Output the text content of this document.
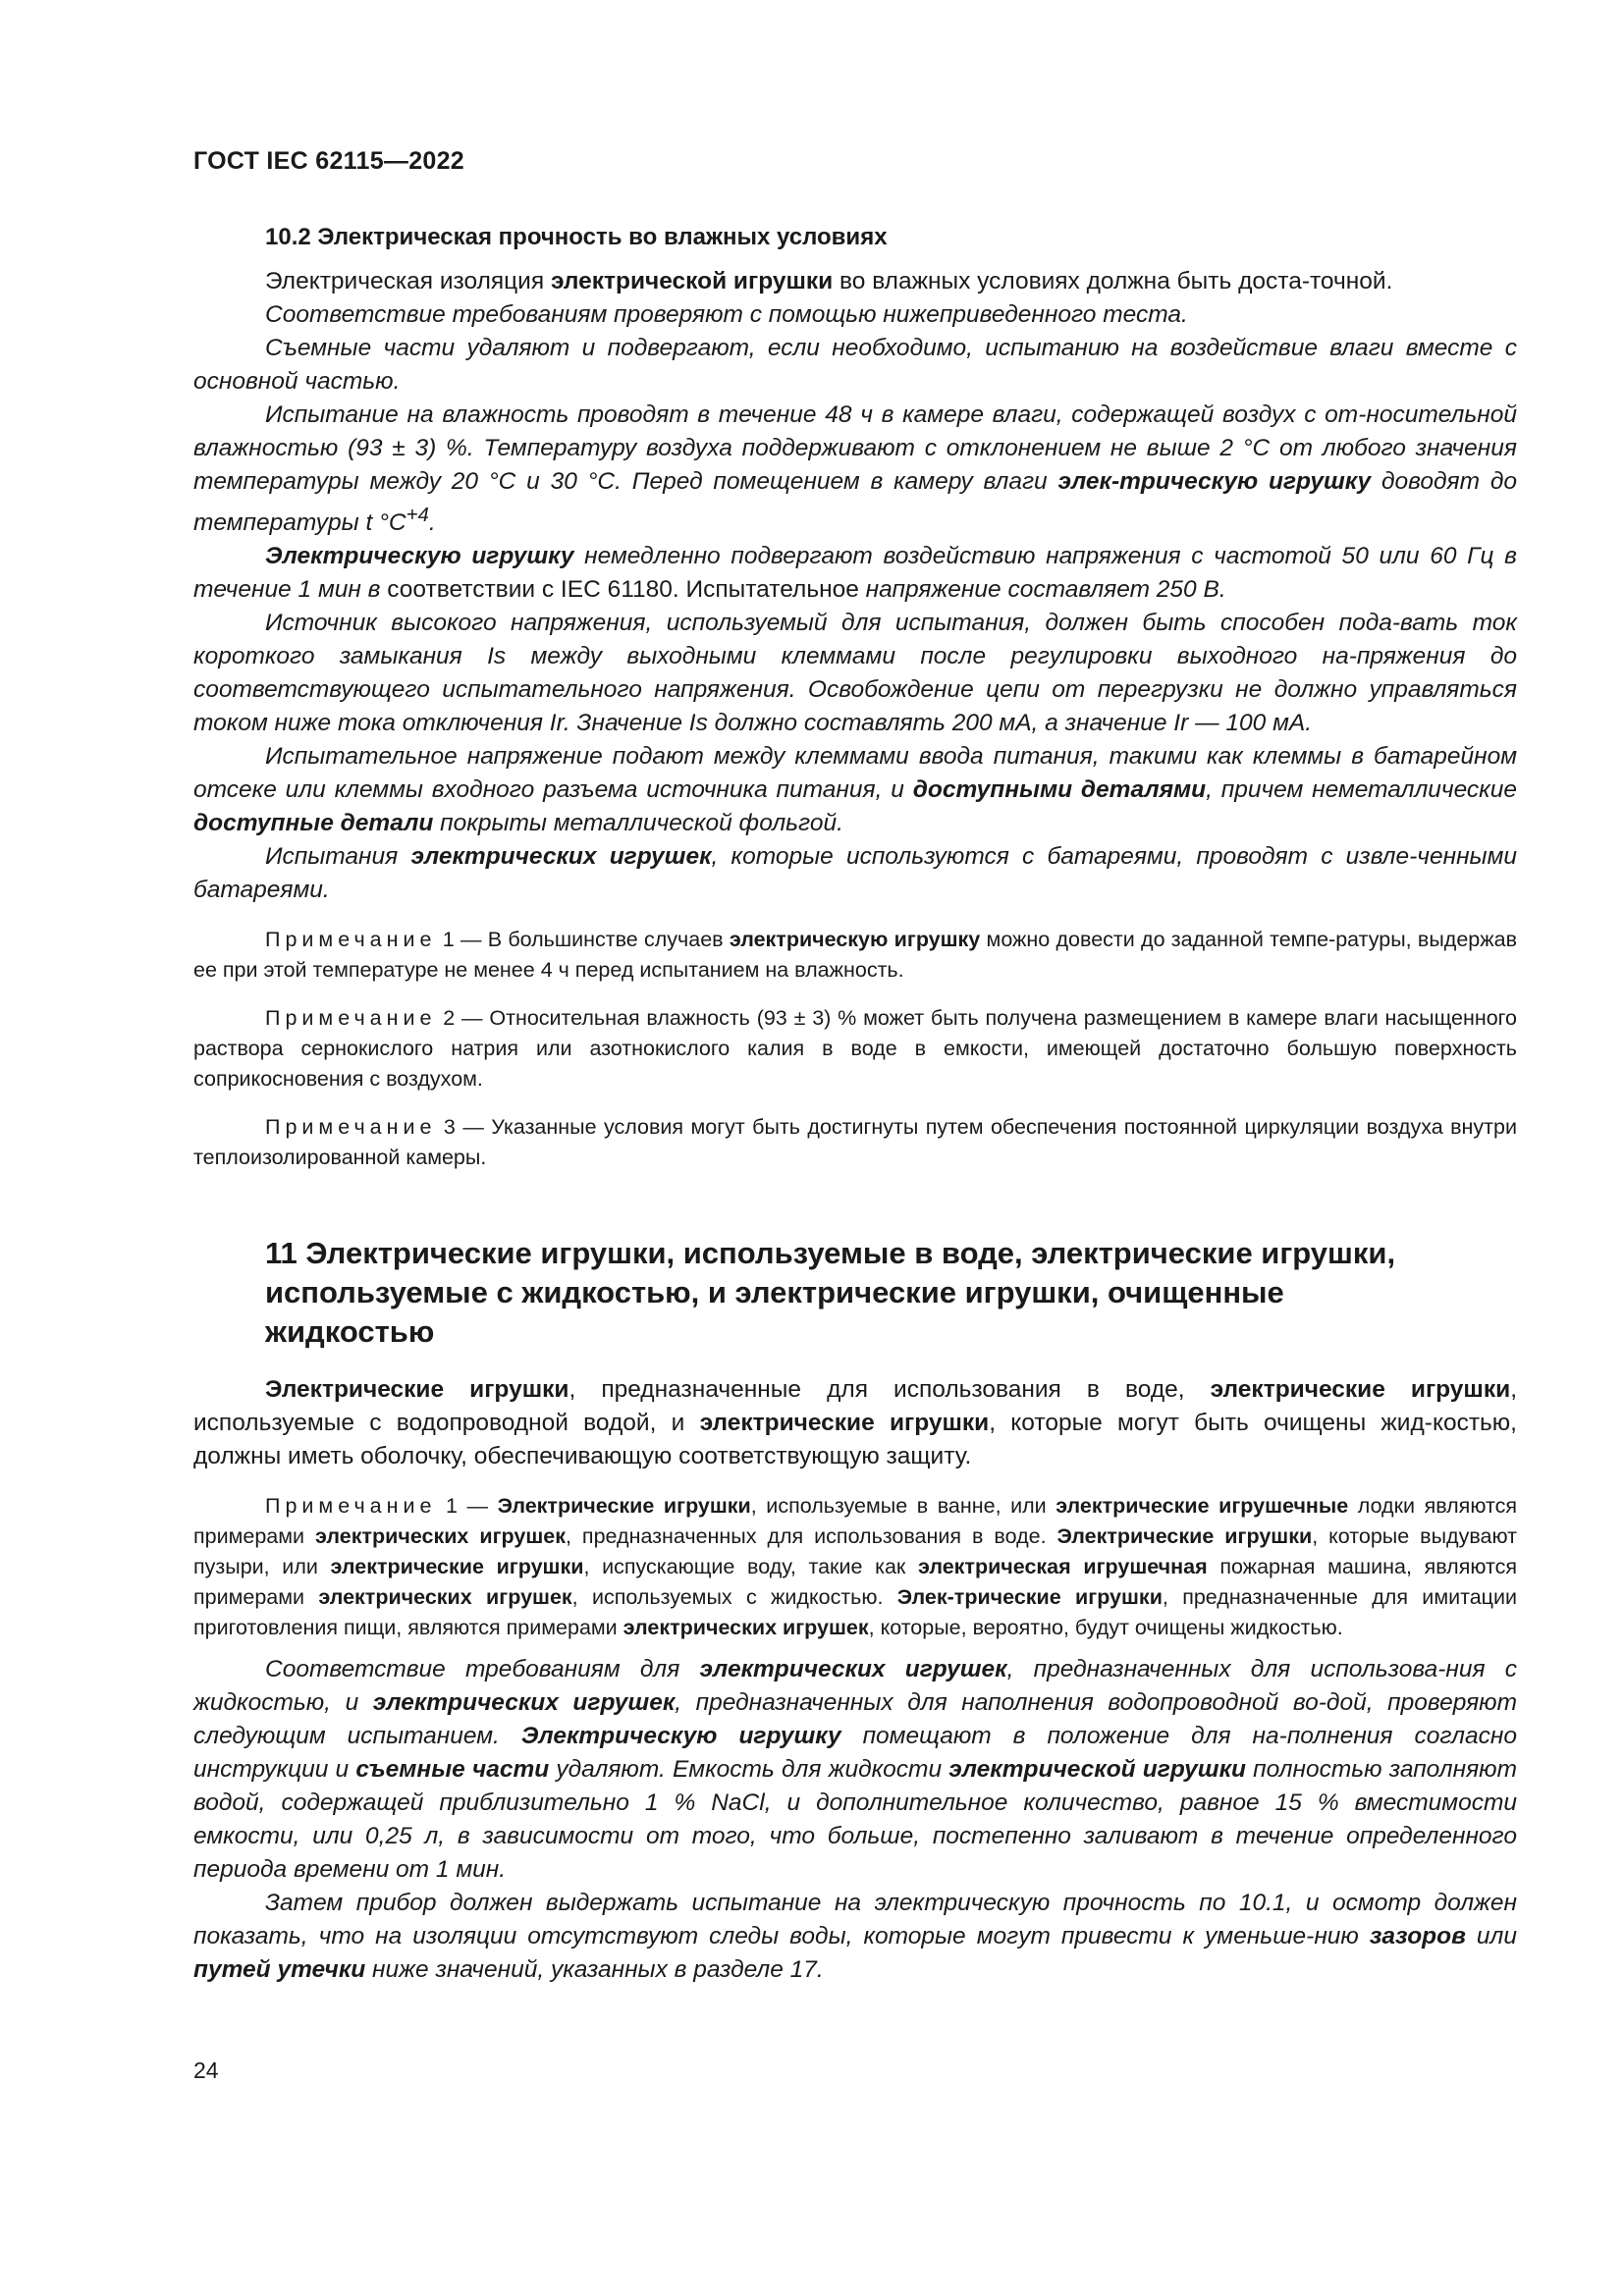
ГОСТ IEC 62115—2022
10.2 Электрическая прочность во влажных условиях

Электрическая изоляция электрической игрушки во влажных условиях должна быть доста-точной.

Соответствие требованиям проверяют с помощью нижеприведенного теста.

Съемные части удаляют и подвергают, если необходимо, испытанию на воздействие влаги вместе с основной частью.

Испытание на влажность проводят в течение 48 ч в камере влаги, содержащей воздух с от-носительной влажностью (93 ± 3) %. Температуру воздуха поддерживают с отклонением не выше 2 °С от любого значения температуры между 20 °С и 30 °С. Перед помещением в камеру влаги элек-трическую игрушку доводят до температуры t $^\circ C^{+4}$.

Электрическую игрушку немедленно подвергают воздействию напряжения с частотой 50 или 60 Гц в течение 1 мин в соответствии с IEC 61180. Испытательное напряжение составляет 250 В.

Источник высокого напряжения, используемый для испытания, должен быть способен пода-вать ток короткого замыкания Is между выходными клеммами после регулировки выходного на-пряжения до соответствующего испытательного напряжения. Освобождение цепи от перегрузки не должно управляться током ниже тока отключения Ir. Значение Is должно составлять 200 мА, а значение Ir — 100 мА.

Испытательное напряжение подают между клеммами ввода питания, такими как клеммы в батарейном отсеке или клеммы входного разъема источника питания, и доступными деталями, причем неметаллические доступные детали покрыты металлической фольгой.

Испытания электрических игрушек, которые используются с батареями, проводят с извле-ченными батареями.

Примечание 1 — В большинстве случаев электрическую игрушку можно довести до заданной темпе-ратуры, выдержав ее при этой температуре не менее 4 ч перед испытанием на влажность.

Примечание 2 — Относительная влажность (93 ± 3) % может быть получена размещением в камере влаги насыщенного раствора сернокислого натрия или азотнокислого калия в воде в емкости, имеющей достаточно большую поверхность соприкосновения с воздухом.

Примечание 3 — Указанные условия могут быть достигнуты путем обеспечения постоянной циркуляции воздуха внутри теплоизолированной камеры.

11 Электрические игрушки, используемые в воде, электрические игрушки,
используемые с жидкостью, и электрические игрушки, очищенные
жидкостью

Электрические игрушки, предназначенные для использования в воде, электрические игрушки, используемые с водопроводной водой, и электрические игрушки, которые могут быть очищены жид-костью, должны иметь оболочку, обеспечивающую соответствующую защиту.

Примечание 1 — Электрические игрушки, используемые в ванне, или электрические игрушечные лодки являются примерами электрических игрушек, предназначенных для использования в воде. Электрические игрушки, которые выдувают пузыри, или электрические игрушки, испускающие воду, такие как электрическая игрушечная пожарная машина, являются примерами электрических игрушек, используемых с жидкостью. Элек-трические игрушки, предназначенные для имитации приготовления пищи, являются примерами электрических игрушек, которые, вероятно, будут очищены жидкостью.

Соответствие требованиям для электрических игрушек, предназначенных для использова-ния с жидкостью, и электрических игрушек, предназначенных для наполнения водопроводной во-дой, проверяют следующим испытанием. Электрическую игрушку помещают в положение для на-полнения согласно инструкции и съемные части удаляют. Емкость для жидкости электрической игрушки полностью заполняют водой, содержащей приблизительно 1 % NaCl, и дополнительное количество, равное 15 % вместимости емкости, или 0,25 л, в зависимости от того, что больше, постепенно заливают в течение определенного периода времени от 1 мин.

Затем прибор должен выдержать испытание на электрическую прочность по 10.1, и осмотр должен показать, что на изоляции отсутствуют следы воды, которые могут привести к уменьше-нию зазоров или путей утечки ниже значений, указанных в разделе 17.

24
